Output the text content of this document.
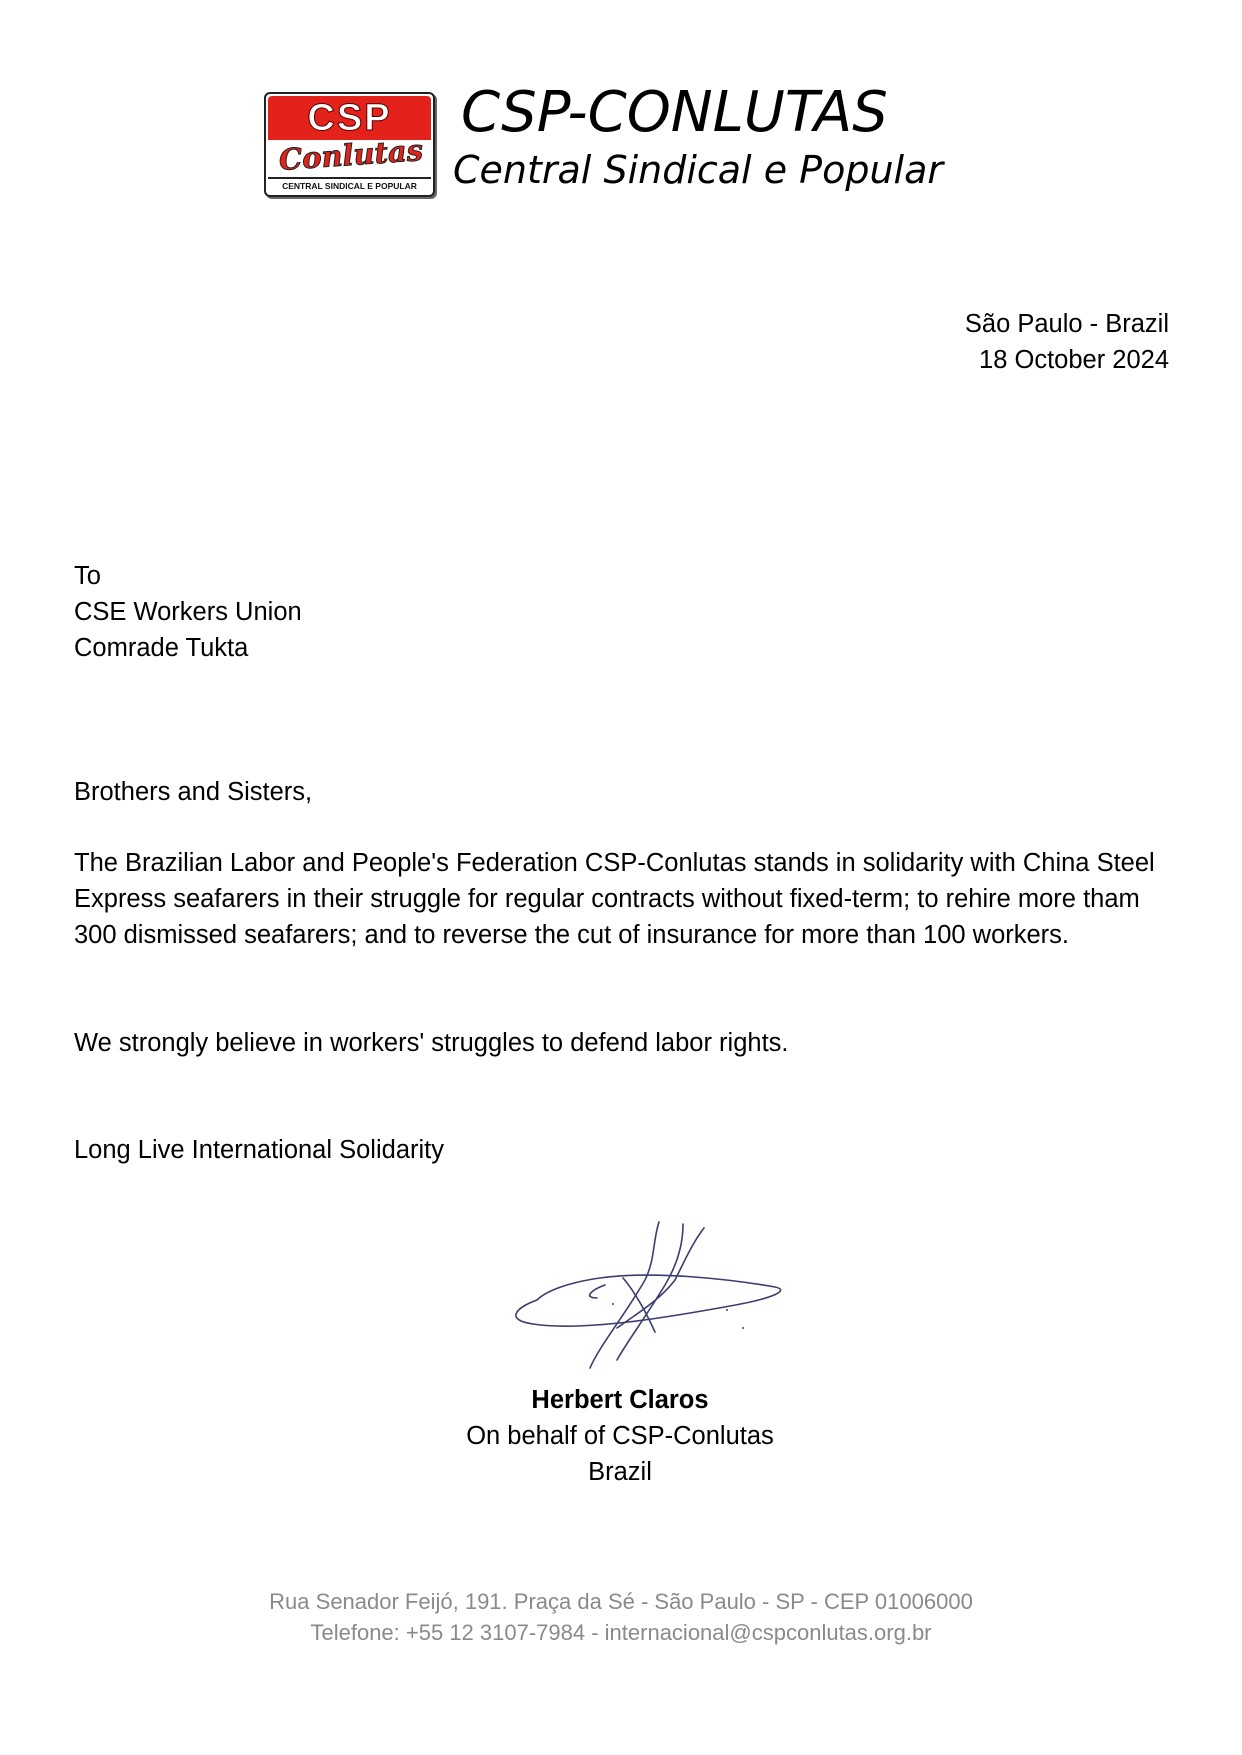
CSP
Conlutas
CENTRAL SINDICAL E POPULAR
CSP-CONLUTAS
Central Sindical e Popular
São Paulo - Brazil
18 October 2024
To
CSE Workers Union
Comrade Tukta
Brothers and Sisters,

The Brazilian Labor and People's Federation CSP-Conlutas stands in solidarity with China Steel Express seafarers in their struggle for regular contracts without fixed-term; to rehire more tham 300 dismissed seafarers; and to reverse the cut of insurance for more than 100 workers.

We strongly believe in workers' struggles to defend labor rights.
Long Live International Solidarity
Herbert Claros
On behalf of CSP-Conlutas
Brazil
Rua Senador Feijó, 191. Praça da Sé - São Paulo - SP - CEP 01006000
Telefone: +55 12 3107-7984 - internacional@cspconlutas.org.br
